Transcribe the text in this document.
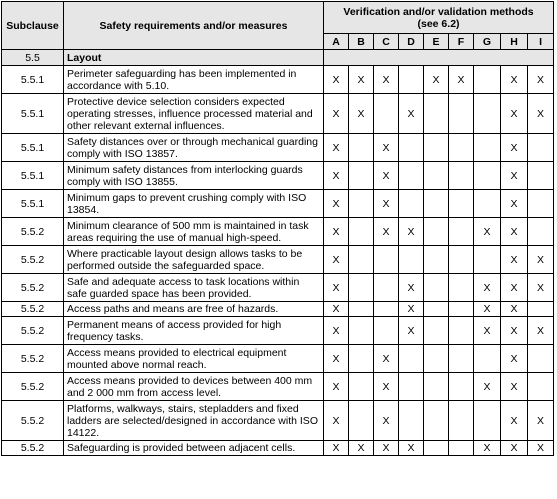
Subclause	Safety requirements and/or measures	Verification and/or validation methods
(see 6.2)								

		A	B	C	D	E	F	G	H	I
5.5	Layout									
5.5.1	Perimeter safeguarding has been implemented in accordance with 5.10.	X	X	X		X	X		X	X
5.5.1	Protective device selection considers expected operating stresses, influence processed material and other relevant external influences.	X	X		X				X	X
5.5.1	Safety distances over or through mechanical guarding comply with ISO 13857.	X		X					X	
5.5.1	Minimum safety distances from interlocking guards comply with ISO 13855.	X		X					X	
5.5.1	Minimum gaps to prevent crushing comply with ISO 13854.	X		X					X	
5.5.2	Minimum clearance of 500 mm is maintained in task areas requiring the use of manual high-speed.	X		X	X			X	X	
5.5.2	Where practicable layout design allows tasks to be performed outside the safeguarded space.	X							X	X
5.5.2	Safe and adequate access to task locations within safe guarded space has been provided.	X			X			X	X	X
5.5.2	Access paths and means are free of hazards.	X			X			X	X	
5.5.2	Permanent means of access provided for high frequency tasks.	X			X			X	X	X
5.5.2	Access means provided to electrical equipment mounted above normal reach.	X		X					X	
5.5.2	Access means provided to devices between 400 mm and 2 000 mm from access level.	X		X				X	X	
5.5.2	Platforms, walkways, stairs, stepladders and fixed ladders are selected/designed in accordance with ISO 14122.	X		X					X	X
5.5.2	Safeguarding is provided between adjacent cells.	X	X	X	X			X	X	X
